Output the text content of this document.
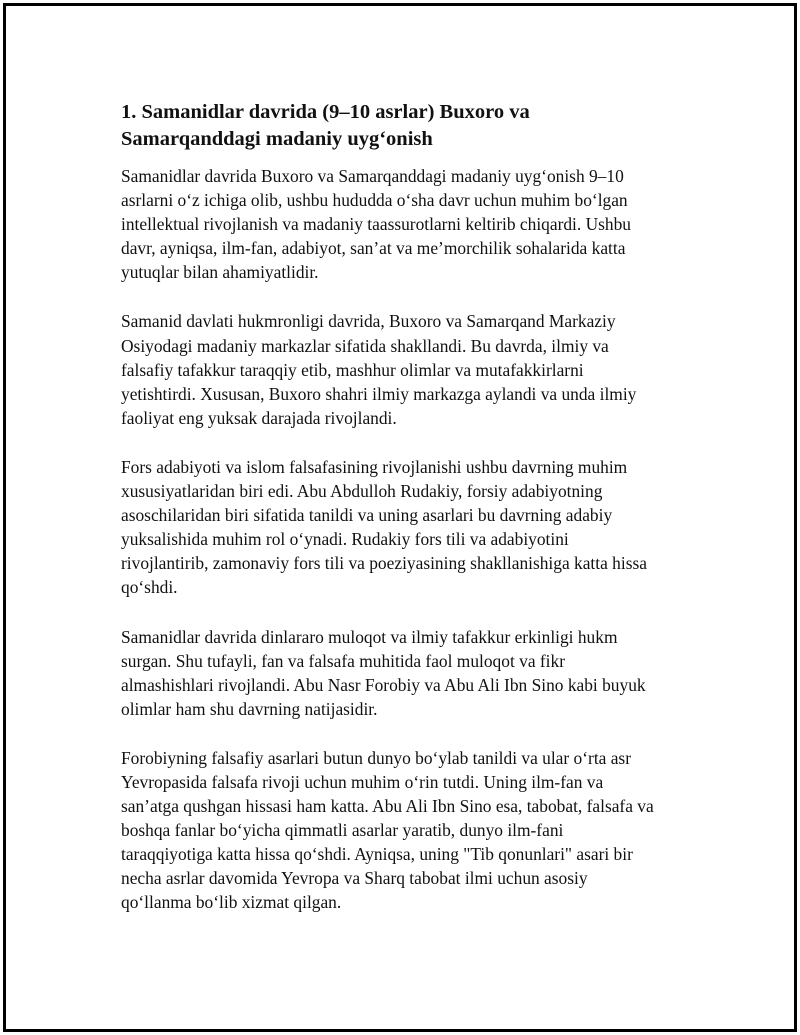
1. Samanidlar davrida (9–10 asrlar) Buxoro va
Samarqanddagi madaniy uyg‘onish

Samanidlar davrida Buxoro va Samarqanddagi madaniy uyg‘onish 9–10
asrlarni o‘z ichiga olib, ushbu hududda o‘sha davr uchun muhim bo‘lgan
intellektual rivojlanish va madaniy taassurotlarni keltirib chiqardi. Ushbu
davr, ayniqsa, ilm-fan, adabiyot, san’at va me’morchilik sohalarida katta
yutuqlar bilan ahamiyatlidir.

Samanid davlati hukmronligi davrida, Buxoro va Samarqand Markaziy
Osiyodagi madaniy markazlar sifatida shakllandi. Bu davrda, ilmiy va
falsafiy tafakkur taraqqiy etib, mashhur olimlar va mutafakkirlarni
yetishtirdi. Xususan, Buxoro shahri ilmiy markazga aylandi va unda ilmiy
faoliyat eng yuksak darajada rivojlandi.

Fors adabiyoti va islom falsafasining rivojlanishi ushbu davrning muhim
xususiyatlaridan biri edi. Abu Abdulloh Rudakiy, forsiy adabiyotning
asoschilaridan biri sifatida tanildi va uning asarlari bu davrning adabiy
yuksalishida muhim rol o‘ynadi. Rudakiy fors tili va adabiyotini
rivojlantirib, zamonaviy fors tili va poeziyasining shakllanishiga katta hissa
qo‘shdi.

Samanidlar davrida dinlararo muloqot va ilmiy tafakkur erkinligi hukm
surgan. Shu tufayli, fan va falsafa muhitida faol muloqot va fikr
almashishlari rivojlandi. Abu Nasr Forobiy va Abu Ali Ibn Sino kabi buyuk
olimlar ham shu davrning natijasidir.

Forobiyning falsafiy asarlari butun dunyo bo‘ylab tanildi va ular o‘rta asr
Yevropasida falsafa rivoji uchun muhim o‘rin tutdi. Uning ilm-fan va
san’atga qushgan hissasi ham katta. Abu Ali Ibn Sino esa, tabobat, falsafa va
boshqa fanlar bo‘yicha qimmatli asarlar yaratib, dunyo ilm-fani
taraqqiyotiga katta hissa qo‘shdi. Ayniqsa, uning "Tib qonunlari" asari bir
necha asrlar davomida Yevropa va Sharq tabobat ilmi uchun asosiy
qo‘llanma bo‘lib xizmat qilgan.
